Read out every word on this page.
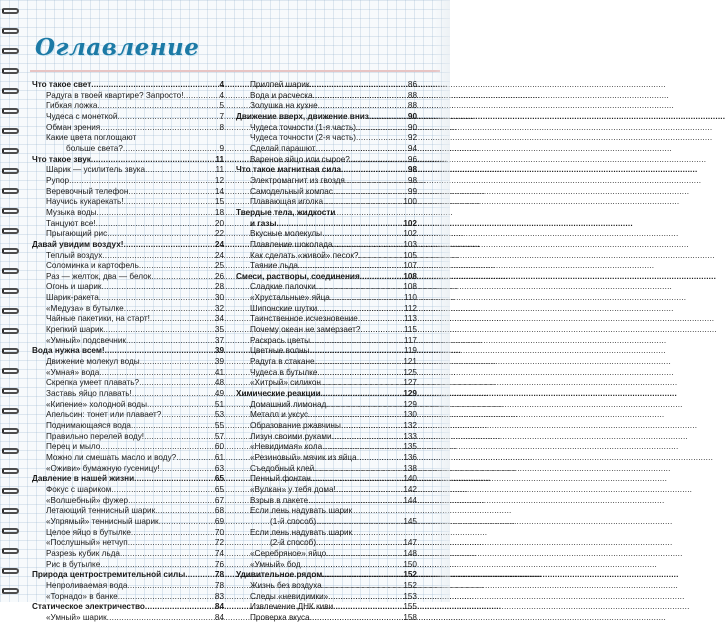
Оглавление
Что такое свет .....	4
Радуга в твоей квартире? Запросто! .....	4
Гибкая ложка .....	5
Чудеса с монеткой .....	7
Обман зрения .....	8
Какие цвета поглощают
больше света? .....	9
Что такое звук .....	11
Шарик — усилитель звука .....	11
Рупор .....	12
Веревочный телефон .....	14
Научись кукарекать! .....	15
Музыка воды .....	18
Танцуют все! .....	20
Прыгающий рис .....	22
Давай увидим воздух! .....	24
Теплый воздух .....	24
Соломинка и картофель .....	25
Раз — желток, два — белок .....	26
Огонь и шарик .....	28
Шарик-ракета .....	30
«Медуза» в бутылке .....	32
Чайные пакетики, на старт! .....	34
Крепкий шарик .....	35
«Умный» подсвечник .....	37
Вода нужна всем! .....	39
Движение молекул воды .....	39
«Умная» вода .....	41
Скрепка умеет плавать? .....	48
Заставь яйцо плавать! .....	49
«Кипение» холодной воды .....	51
Апельсин: тонет или плавает? .....	53
Поднимающаяся вода .....	55
Правильно перелей воду! .....	57
Перец и мыло .....	60
Можно ли смешать масло и воду? .....	61
«Оживи» бумажную гусеницу! .....	63
Давление в нашей жизни .....	65
Фокус с шариком .....	65
«Волшебный» фужер .....	67
Летающий теннисный шарик .....	68
«Упрямый» теннисный шарик .....	69
Целое яйцо в бутылке .....	70
«Послушный» нетчуп .....	72
Разрезь кубик льда .....	74
Рис в бутылке .....	76
Природа центростремительной силы .....	78
Непроливаемая вода .....	78
«Торнадо» в банке .....	83
Статическое электричество .....	84
«Умный» шарик .....	84
Прилпей шарик .....	86
Вода и расческа .....	88
Золушка на кухне .....	88
Движение вверх, движение вниз .....	90
Чудеса точности (1-я часть) .....	90
Чудеса точности (2-я часть) .....	92
Сделай парашют .....	94
Вареное яйцо или сырое? .....	96
Что такое магнитная сила .....	98
Электромагнит из гвоздя .....	98
Самодельный компас .....	99
Плавающая иголка .....	100
Твердые тела, жидкости
и газы .....	102
Вкусные молекулы .....	102
Плавление шоколада .....	103
Как сделать «живой» песок? .....	105
Таяние льда .....	107
Смеси, растворы, соединения .....	108
Сладкие палочки .....	108
«Хрустальные» яйца .....	110
Шипонские шутки .....	112
Таинственное исчезновение .....	113
Почему океан не замерзает? .....	115
Раскрась цветы .....	117
Цветные волны .....	119
Радуга в стакане .....	121
Чудеса в бутылке .....	125
«Хитрый» силикон .....	127
Химические реакции .....	129
Домашний лимонад .....	129
Металл и уксус .....	130
Образование ржавчины .....	132
Лизун своими руками .....	133
«Невидимая» кола .....	135
«Резиновый» мячик из яйца .....	136
Съедобный клей .....	138
Пенный фонтан .....	140
«Вулкан» у тебя дома! .....	142
Взрыв в пакете .....	144
Если лень надувать шарик
(1-й способ) .....	145
Если лень надувать шарик
(2-й способ) .....	147
«Серебряное» яйцо .....	148
«Умный» бод .....	150
Удивительное рядом .....	152
Жизнь без воздуха .....	152
Следы «невидимки» .....	153
Извлечение ДНК киви .....	155
Проверка вкуса .....	158
